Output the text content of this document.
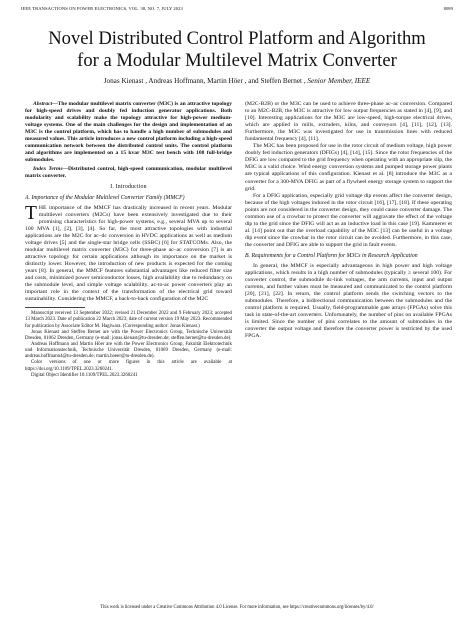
IEEE TRANSACTIONS ON POWER ELECTRONICS, VOL. 38, NO. 7, JULY 2023	8089
Novel Distributed Control Platform and Algorithm
for a Modular Multilevel Matrix Converter
Jonas Kienast , Andreas Hoffmann, Martin Höer , and Steffen Bernet , Senior Member, IEEE

Abstract—The modular multilevel matrix converter (M3C) is an attractive topology for high-speed drives and doubly fed induction generator applications. Both modularity and scalability make the topology attractive for high-power medium-voltage systems. One of the main challenges for the design and implementation of an M3C is the control platform, which has to handle a high number of submodules and measured values. This article introduces a new control platform including a high-speed communication network between the distributed control units. The control platform and algorithms are implemented on a 15 kvar M3C test bench with 108 full-bridge submodules.

Index Terms—Distributed control, high-speed communication, modular multilevel matrix converter.

I. Introduction
A. Importance of the Modular Multilevel Converter Family (MMCF)

THE importance of the MMCF has drastically increased in recent years. Modular multilevel converters (M2Cs) have been extensively investigated due to their promising characteristics for high-power systems, e.g., several MVA up to several 100 MVA [1], [2], [3], [4]. So far, the most attractive topologies with industrial applications are the M2C for ac–dc conversion in HVDC applications as well as medium voltage drives [5] and the single-star bridge cells (SSBC) [6] for STATCOMs. Also, the modular multilevel matrix converter (M3C) for three-phase ac–ac conversion [7] is an attractive topology for certain applications although its importance on the market is distinctly lower. However, the introduction of new products is expected for the coming years [8]. In general, the MMCF features substantial advantages like reduced filter size and costs, minimized power semiconductor losses, high availability due to redundancy on the submodule level, and simple voltage scalability. ac-to-ac power converters play an important role in the context of the transformation of the electrical grid toward sustainability. Considering the MMCF, a back-to-back configuration of the M2C

Manuscript received 13 September 2022; revised 21 December 2022 and 9 February 2023; accepted 13 March 2023. Date of publication 22 March 2023; date of current version 19 May 2023. Recommended for publication by Associate Editor M. Hagiwara. (Corresponding author: Jonas Kienast.)

Jonas Kienast and Steffen Bernet are with the Power Electronics Group, Technische Universität Dresden, 01062 Dresden, Germany (e-mail: jonas.kienast@tu-dresden.de; steffen.bernet@tu-dresden.de).

Andreas Hoffmann and Martin Höer are with the Power Electronics Group, Fakultät Elektrotechnik und Informationstechnik, Technische Universität Dresden, 01069 Dresden, Germany (e-mail: andreas.hoffmann4@tu-dresden.de; martin.hoeer@tu-dresden.de).

Color versions of one or more figures in this article are available at https://doi.org/10.1109/TPEL.2023.3260241.

Digital Object Identifier 10.1109/TPEL.2023.3260241

(M2C-B2B) or the M3C can be used to achieve three-phase ac–ac conversion. Compared to an M2C-B2B, the M3C is attractive for low output frequencies as stated in [4], [9], and [10]. Interesting applications for the M3C are low-speed, high-torque electrical drives, which are applied in mills, extruders, kilns, and conveyors [4], [11], [12], [13]. Furthermore, the M3C was investigated for use in transmission lines with reduced fundamental frequency [4], [11].

The M3C has been proposed for use in the rotor circuit of medium voltage, high power doubly fed induction generators (DFIGs) [4], [14], [15]. Since the rotor frequencies of the DFIG are low compared to the grid frequency when operating with an appropriate slip, the M3C is a valid choice. Wind energy conversion systems and pumped storage power plants are typical applications of this configuration. Kienast et al. [8] introduce the M3C as a converter for a 300-MVA DFIG as part of a flywheel energy storage system to support the grid.

For a DFIG application, especially grid voltage dip events affect the converter design, because of the high voltages induced in the rotor circuit [16], [17], [18]. If these operating points are not considered in the converter design, they could cause converter damage. The common use of a crowbar to protect the converter will aggravate the effect of the voltage dip to the grid since the DFIG will act as an inductive load in this case [19]. Kammerer et al. [14] point out that the overload capability of the M3C [13] can be useful in a voltage dip event since the crowbar in the rotor circuit can be avoided. Furthermore, in this case, the converter and DFIG are able to support the grid in fault events.

B. Requirements for a Control Platform for M3Cs in Research Application

In general, the MMCF is especially advantageous in high power and high voltage applications, which results in a high number of submodules (typically ≥ several 100). For converter control, the submodule dc-link voltages, the arm currents, input and output currents, and further values must be measured and communicated to the control platform [20], [21], [22]. In return, the control platform sends the switching vectors to the submodules. Therefore, a bidirectional communication between the submodules and the control platform is required. Usually, field-programmable gate arrays (FPGAs) solve this task in state-of-the-art converters. Unfortunately, the number of pins on available FPGAs is limited. Since the number of pins correlates to the amount of submodules in the converter the output voltage and therefore the converter power is restricted by the used FPGA.

This work is licensed under a Creative Commons Attribution 4.0 License. For more information, see https://creativecommons.org/licenses/by/4.0/
